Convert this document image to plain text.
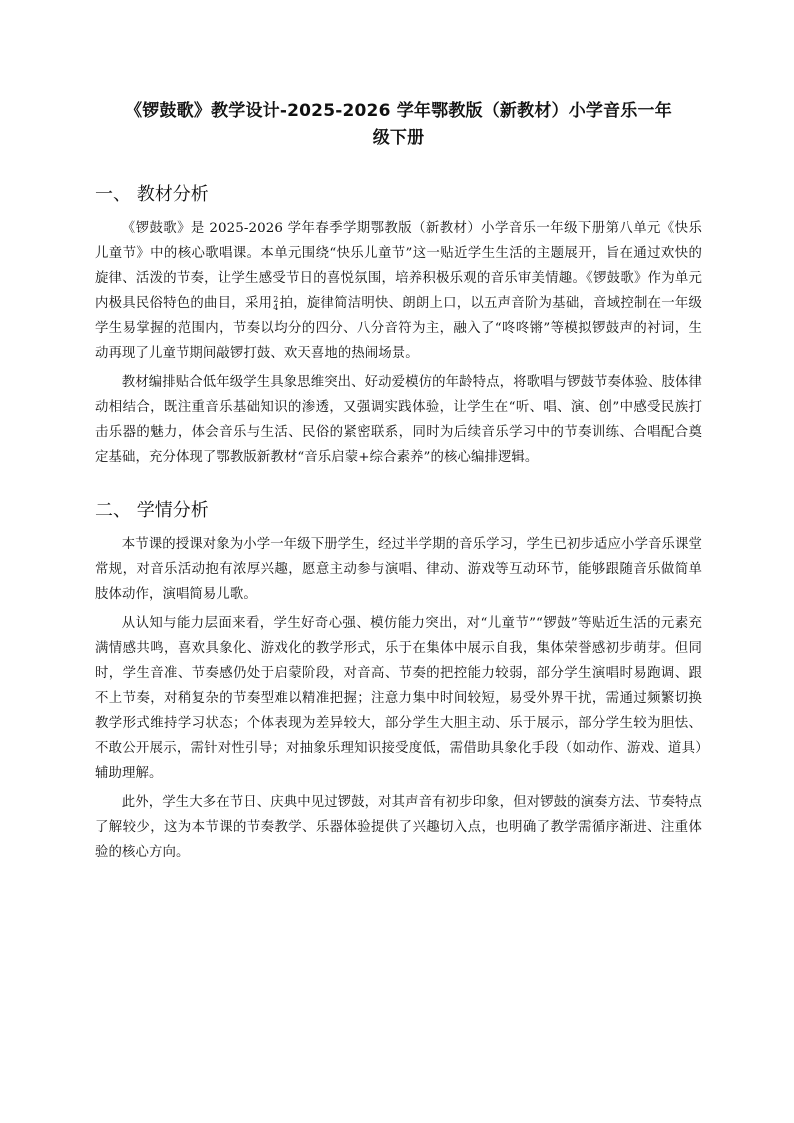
《锣鼓歌》教学设计-2025-2026 学年鄂教版（新教材）小学音乐一年
级下册
一、 教材分析

《锣鼓歌》是 2025-2026 学年春季学期鄂教版（新教材）小学音乐一年级下册第八单元《快乐儿童节》中的核心歌唱课。本单元围绕“快乐儿童节”这一贴近学生生活的主题展开，旨在通过欢快的旋律、活泼的节奏，让学生感受节日的喜悦氛围，培养积极乐观的音乐审美情趣。《锣鼓歌》作为单元内极具民俗特色的曲目，采用 2
4 拍，旋律简洁明快、朗朗上口，以五声音阶为基础，音域控制在一年级学生易掌握的范围内，节奏以均分的四分、八分音符为主，融入了“咚咚锵”等模拟锣鼓声的衬词，生动再现了儿童节期间敲锣打鼓、欢天喜地的热闹场景。

教材编排贴合低年级学生具象思维突出、好动爱模仿的年龄特点，将歌唱与锣鼓节奏体验、肢体律动相结合，既注重音乐基础知识的渗透，又强调实践体验，让学生在“听、唱、演、创”中感受民族打击乐器的魅力，体会音乐与生活、民俗的紧密联系，同时为后续音乐学习中的节奏训练、合唱配合奠定基础，充分体现了鄂教版新教材“音乐启蒙+综合素养”的核心编排逻辑。

二、 学情分析

本节课的授课对象为小学一年级下册学生，经过半学期的音乐学习，学生已初步适应小学音乐课堂常规，对音乐活动抱有浓厚兴趣，愿意主动参与演唱、律动、游戏等互动环节，能够跟随音乐做简单肢体动作，演唱简易儿歌。

从认知与能力层面来看，学生好奇心强、模仿能力突出，对“儿童节”“锣鼓”等贴近生活的元素充满情感共鸣，喜欢具象化、游戏化的教学形式，乐于在集体中展示自我，集体荣誉感初步萌芽。但同时，学生音准、节奏感仍处于启蒙阶段，对音高、节奏的把控能力较弱，部分学生演唱时易跑调、跟不上节奏，对稍复杂的节奏型难以精准把握；注意力集中时间较短，易受外界干扰，需通过频繁切换教学形式维持学习状态；个体表现为差异较大，部分学生大胆主动、乐于展示，部分学生较为胆怯、不敢公开展示，需针对性引导；对抽象乐理知识接受度低，需借助具象化手段（如动作、游戏、道具）辅助理解。

此外，学生大多在节日、庆典中见过锣鼓，对其声音有初步印象，但对锣鼓的演奏方法、节奏特点了解较少，这为本节课的节奏教学、乐器体验提供了兴趣切入点，也明确了教学需循序渐进、注重体验的核心方向。
